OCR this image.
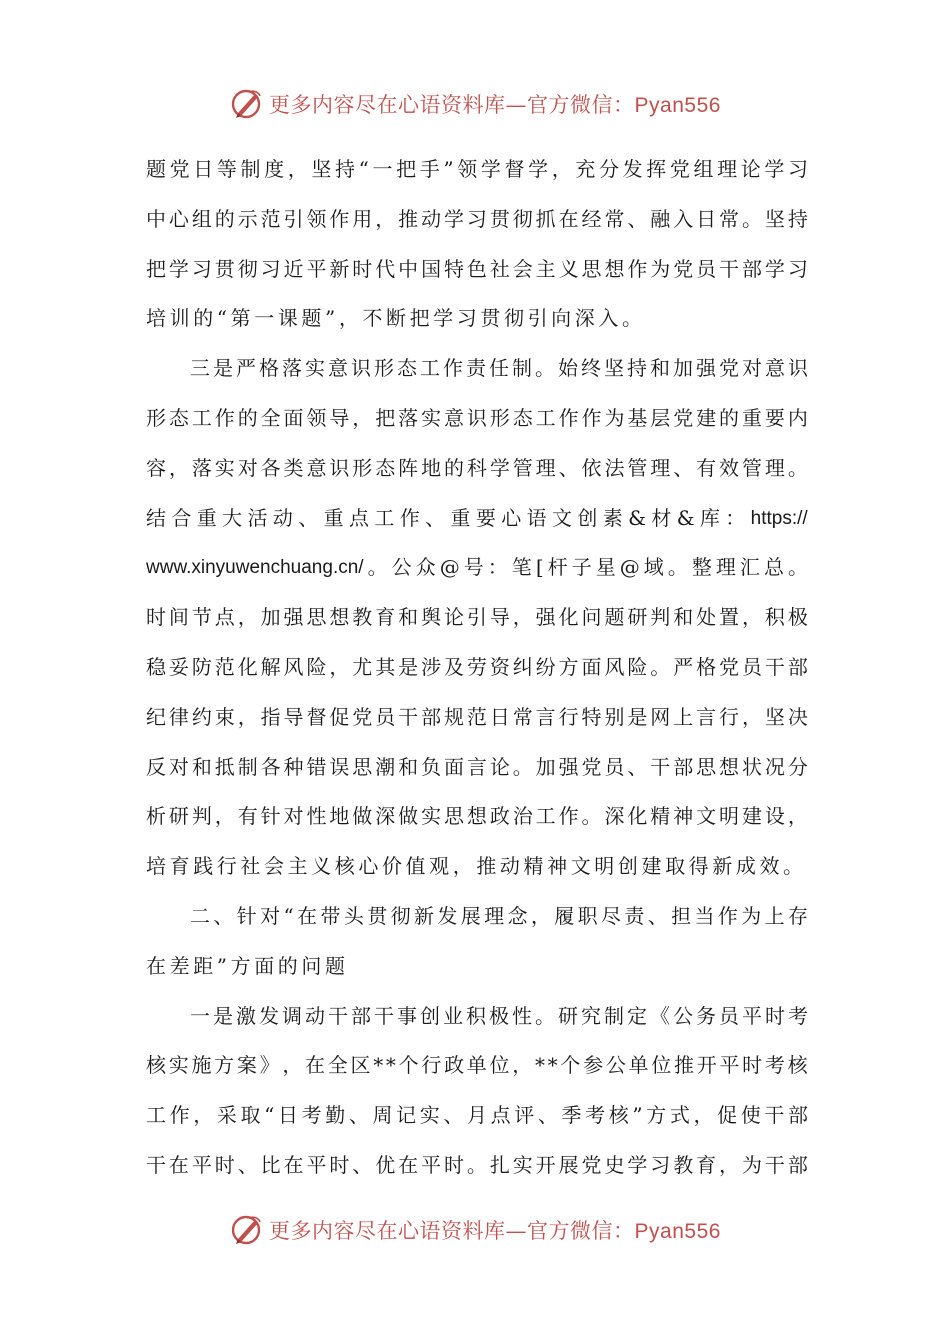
更多内容尽在心语资料库—官方微信：Pyan556
题 党 日 等 制 度 ， 坚 持 “ 一 把 手 ” 领 学 督 学 ， 充 分 发 挥 党 组 理 论 学 习
中 心 组 的 示 范 引 领 作 用 ， 推 动 学 习 贯 彻 抓 在 经 常 、 融 入 日 常 。 坚 持
把 学 习 贯 彻 习 近 平 新 时 代 中 国 特 色 社 会 主 义 思 想 作 为 党 员 干 部 学 习
培 训 的 “ 第 一 课 题 ” ， 不 断 把 学 习 贯 彻 引 向 深 入 。
三 是 严 格 落 实 意 识 形 态 工 作 责 任 制 。 始 终 坚 持 和 加 强 党 对 意 识
形 态 工 作 的 全 面 领 导 ， 把 落 实 意 识 形 态 工 作 作 为 基 层 党 建 的 重 要 内
容 ， 落 实 对 各 类 意 识 形 态 阵 地 的 科 学 管 理 、 依 法 管 理 、 有 效 管 理 。
结 合 重 大 活 动 、 重 点 工 作 、 重 要 心 语 文 创 素 & 材 & 库 ： https://
www.xinyuwenchuang.cn/ 。 公 众 @ 号 ： 笔 [ 杆 子 星 @ 域 。 整 理 汇 总 。
时 间 节 点 ， 加 强 思 想 教 育 和 舆 论 引 导 ， 强 化 问 题 研 判 和 处 置 ， 积 极
稳 妥 防 范 化 解 风 险 ， 尤 其 是 涉 及 劳 资 纠 纷 方 面 风 险 。 严 格 党 员 干 部
纪 律 约 束 ， 指 导 督 促 党 员 干 部 规 范 日 常 言 行 特 别 是 网 上 言 行 ， 坚 决
反 对 和 抵 制 各 种 错 误 思 潮 和 负 面 言 论 。 加 强 党 员 、 干 部 思 想 状 况 分
析 研 判 ， 有 针 对 性 地 做 深 做 实 思 想 政 治 工 作 。 深 化 精 神 文 明 建 设 ，
培 育 践 行 社 会 主 义 核 心 价 值 观 ， 推 动 精 神 文 明 创 建 取 得 新 成 效 。
二 、 针 对 “ 在 带 头 贯 彻 新 发 展 理 念 ， 履 职 尽 责 、 担 当 作 为 上 存
在 差 距 ” 方 面 的 问 题
一 是 激 发 调 动 干 部 干 事 创 业 积 极 性 。 研 究 制 定 《 公 务 员 平 时 考
核 实 施 方 案 》 ， 在 全 区 * * 个 行 政 单 位 ， * * 个 参 公 单 位 推 开 平 时 考 核
工 作 ， 采 取 “ 日 考 勤 、 周 记 实 、 月 点 评 、 季 考 核 ” 方 式 ， 促 使 干 部
干 在 平 时 、 比 在 平 时 、 优 在 平 时 。 扎 实 开 展 党 史 学 习 教 育 ， 为 干 部
更多内容尽在心语资料库—官方微信：Pyan556
